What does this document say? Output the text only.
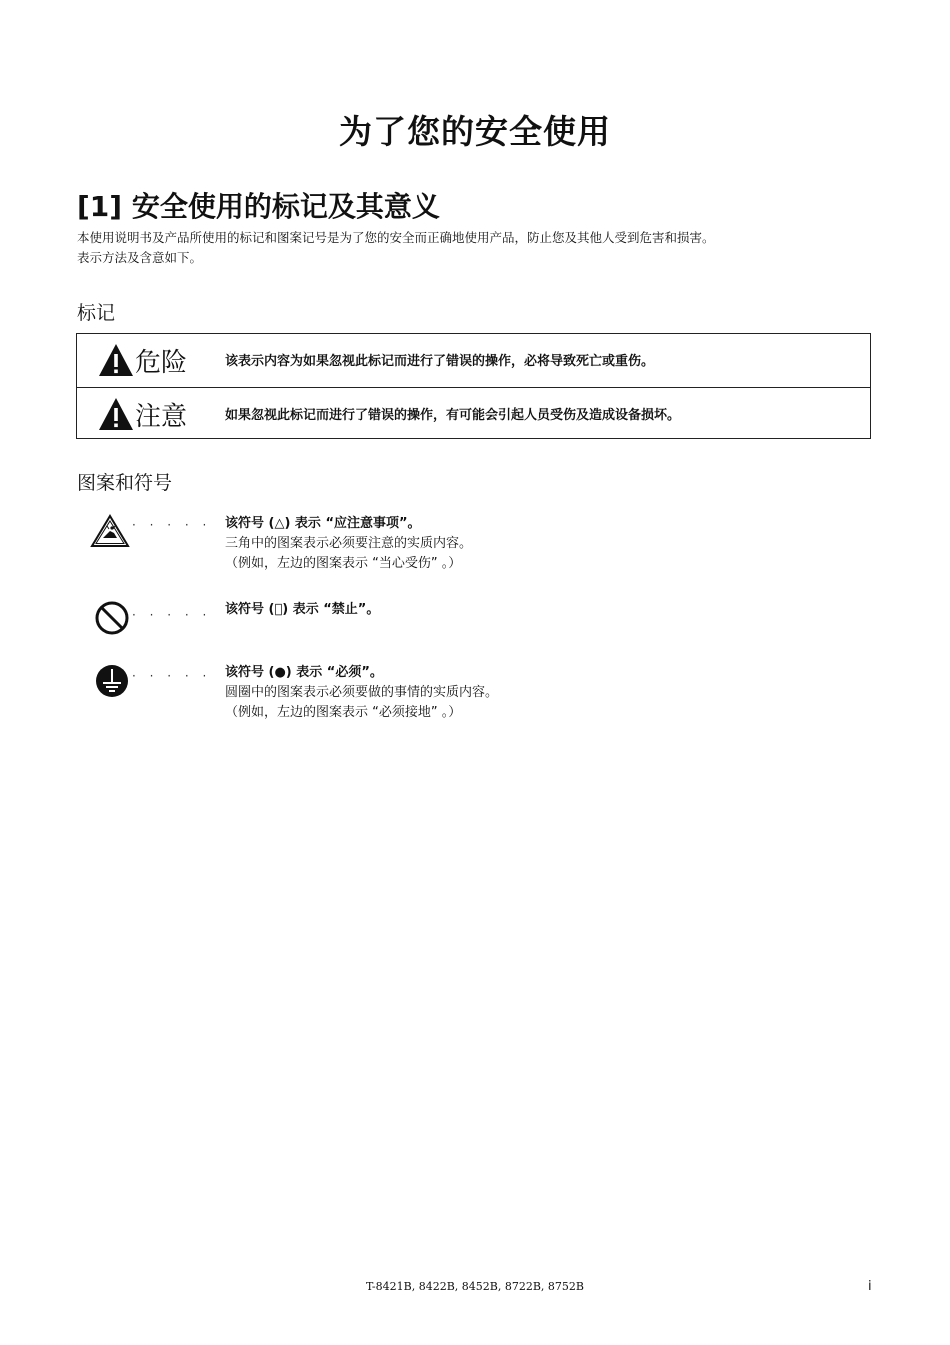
为了您的安全使用
[1] 安全使用的标记及其意义
本使用说明书及产品所使用的标记和图案记号是为了您的安全而正确地使用产品，防止您及其他人受到危害和损害。
表示方法及含意如下。
标记
危险	该表示内容为如果忽视此标记而进行了错误的操作，必将导致死亡或重伤。
注意	如果忽视此标记而进行了错误的操作，有可能会引起人员受伤及造成设备损坏。
图案和符号
· · · · · 该符号 (△) 表示 “应注意事项”。
三角中的图案表示必须要注意的实质内容。
（例如，左边的图案表示 “当心受伤” 。）
· · · · · 该符号 (⃠) 表示 “禁止”。
· · · · · 该符号 (●) 表示 “必须”。
圆圈中的图案表示必须要做的事情的实质内容。
（例如，左边的图案表示 “必须接地” 。）
T-8421B, 8422B, 8452B, 8722B, 8752B	i
